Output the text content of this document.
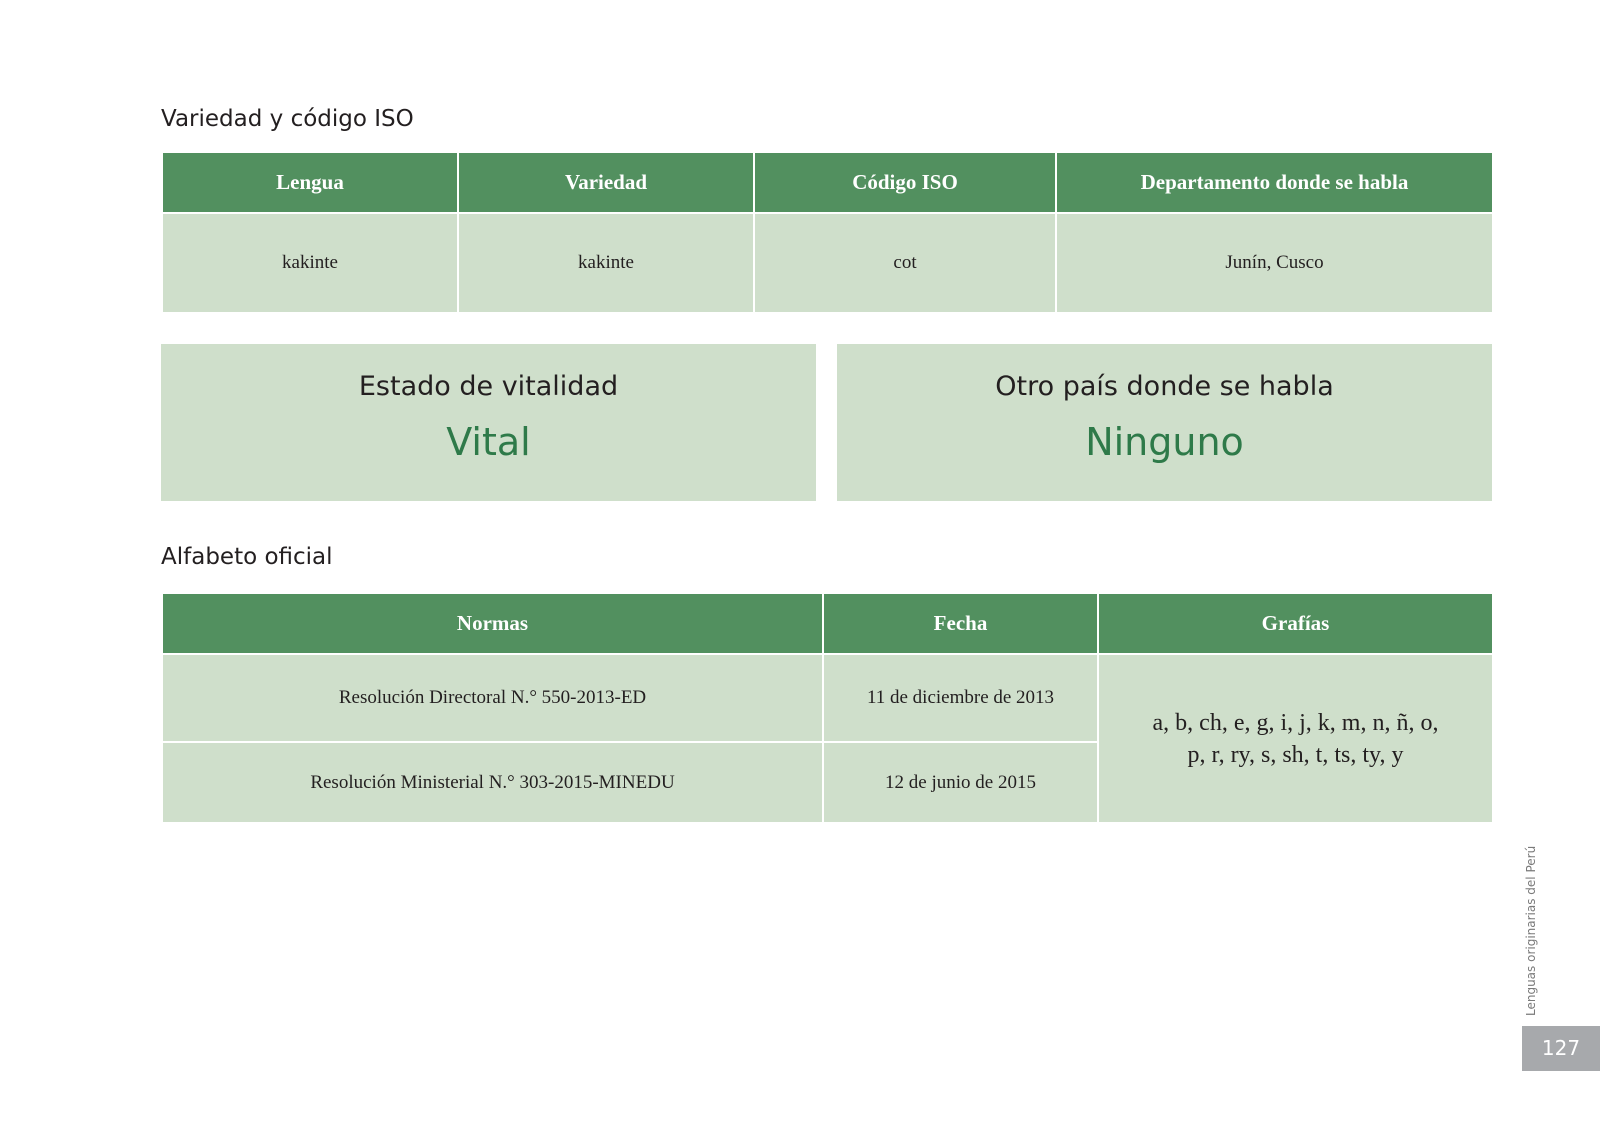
Variedad y código ISO
Lengua	Variedad	Código ISO	Departamento donde se habla
kakinte	kakinte	cot	Junín, Cusco
Estado de vitalidad
Vital
Otro país donde se habla
Ninguno
Alfabeto oficial
Normas	Fecha	Grafías
Resolución Directoral N.° 550-2013-ED	11 de diciembre de 2013	a, b, ch, e, g, i, j, k, m, n, ñ, o,
p, r, ry, s, sh, t, ts, ty, y
Resolución Ministerial N.° 303-2015-MINEDU	12 de junio de 2015	
Lenguas originarias del Perú
127
